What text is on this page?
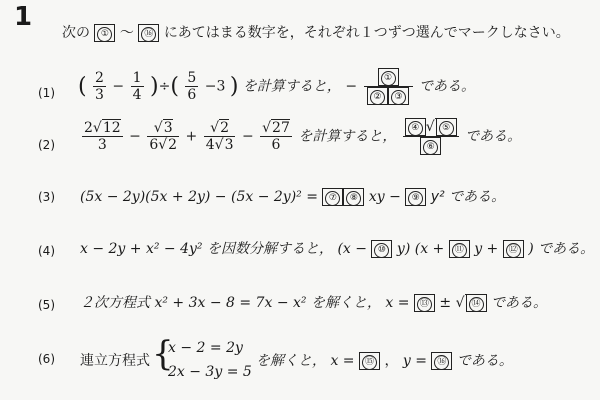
1
次の ① ～ ⑯ にあてはまる数字を，それぞれ１つずつ選んでマークしなさい。
(1) ( $\frac{2}{3} - \frac{1}{4}$ )÷( $\frac{5}{6} -3$ ) を計算すると， − $\frac{\text{①}}{\text{② ③}}$ である。
$(2) \frac{2√12}{3} - \frac{√3}{6√2} + \frac{√2}{4√3} - \frac{√27}{6}$ を計算すると， $\frac{\text{④ √ ⑤}}{\text{⑥}}$ である。
(3) (5x − 2y)(5x + 2y) − (5x − 2y)² = ⑦ ⑧ xy − ⑨ y² である。
(4) x − 2y + x² − 4y² を因数分解すると， (x − ⑩ y) (x + ⑪ y + ⑫ ) である。
(5) ２次方程式 x² + 3x − 8 = 7x − x² を解くと， x = ⑬ ± √ ⑭ である。
(6) 連立方程式 {
x − 2 = 2y
2x − 3y = 5
を解くと， x = ⑮ ， y = ⑯ である。
